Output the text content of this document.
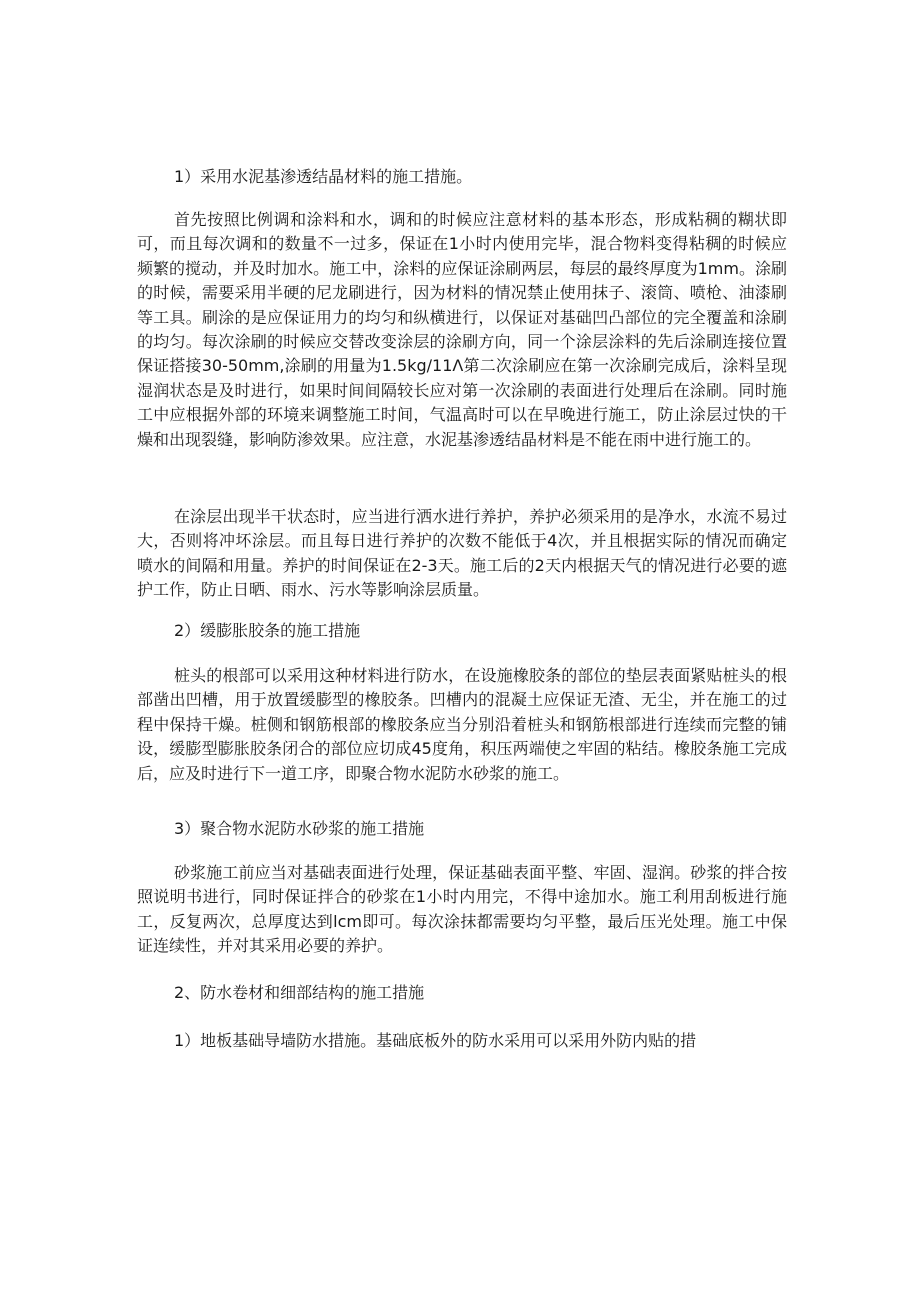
1）采用水泥基渗透结晶材料的施工措施。

首先按照比例调和涂料和水，调和的时候应注意材料的基本形态，形成粘稠的糊状即可，而且每次调和的数量不一过多，保证在1小时内使用完毕，混合物料变得粘稠的时候应频繁的搅动，并及时加水。施工中，涂料的应保证涂刷两层，每层的最终厚度为1mm。涂刷的时候，需要采用半硬的尼龙刷进行，因为材料的情况禁止使用抹子、滚筒、喷枪、油漆刷等工具。刷涂的是应保证用力的均匀和纵横进行，以保证对基础凹凸部位的完全覆盖和涂刷的均匀。每次涂刷的时候应交替改变涂层的涂刷方向，同一个涂层涂料的先后涂刷连接位置保证搭接30-50mm,涂刷的用量为1.5kg∕11Λ第二次涂刷应在第一次涂刷完成后，涂料呈现湿润状态是及时进行，如果时间间隔较长应对第一次涂刷的表面进行处理后在涂刷。同时施工中应根据外部的环境来调整施工时间，气温高时可以在早晚进行施工，防止涂层过快的干燥和出现裂缝，影响防渗效果。应注意，水泥基渗透结晶材料是不能在雨中进行施工的。

在涂层出现半干状态时，应当进行洒水进行养护，养护必须采用的是净水，水流不易过大，否则将冲坏涂层。而且每日进行养护的次数不能低于4次，并且根据实际的情况而确定喷水的间隔和用量。养护的时间保证在2-3天。施工后的2天内根据天气的情况进行必要的遮护工作，防止日晒、雨水、污水等影响涂层质量。

2）缓膨胀胶条的施工措施

桩头的根部可以采用这种材料进行防水，在设施橡胶条的部位的垫层表面紧贴桩头的根部凿出凹槽，用于放置缓膨型的橡胶条。凹槽内的混凝土应保证无渣、无尘，并在施工的过程中保持干燥。桩侧和钢筋根部的橡胶条应当分别沿着桩头和钢筋根部进行连续而完整的铺设，缓膨型膨胀胶条闭合的部位应切成45度角，积压两端使之牢固的粘结。橡胶条施工完成后，应及时进行下一道工序，即聚合物水泥防水砂浆的施工。

3）聚合物水泥防水砂浆的施工措施

砂浆施工前应当对基础表面进行处理，保证基础表面平整、牢固、湿润。砂浆的拌合按照说明书进行，同时保证拌合的砂浆在1小时内用完，不得中途加水。施工利用刮板进行施工，反复两次，总厚度达到lcm即可。每次涂抹都需要均匀平整，最后压光处理。施工中保证连续性，并对其采用必要的养护。

2、防水卷材和细部结构的施工措施
1）地板基础导墙防水措施。基础底板外的防水采用可以采用外防内贴的措
